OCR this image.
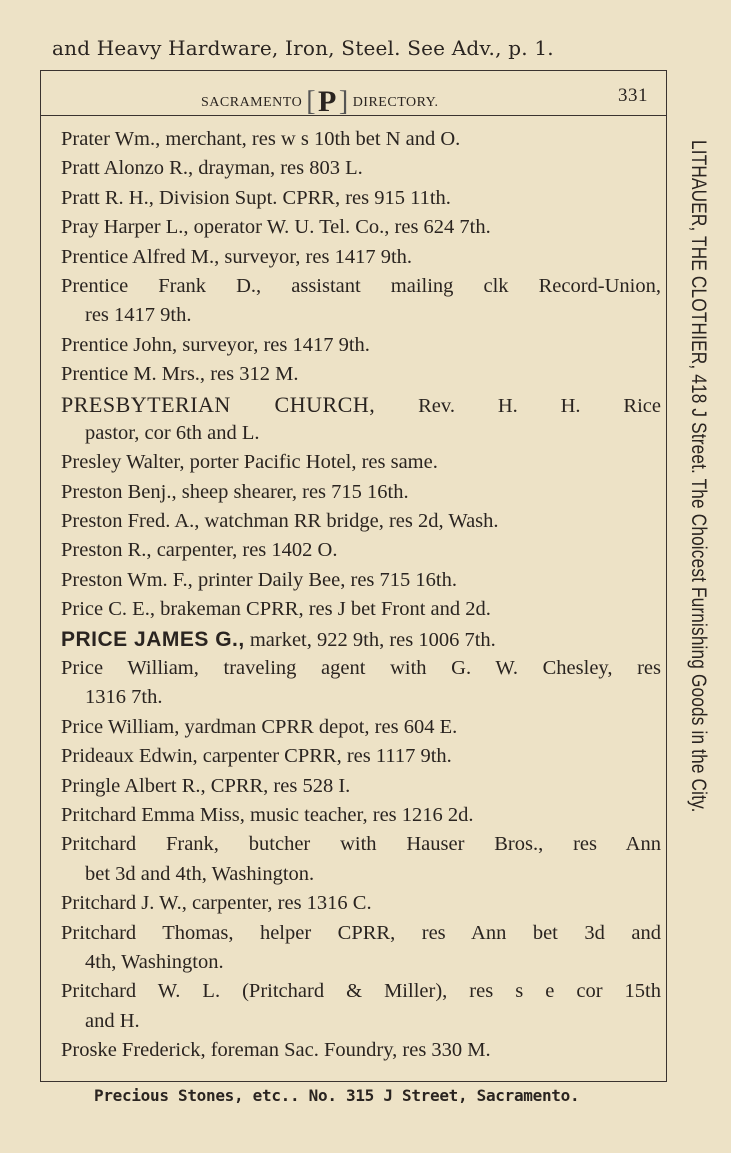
and Heavy Hardware, Iron, Steel. See Adv., p. 1.
SACRAMENTO [P] DIRECTORY.	331
Prater Wm., merchant, res w s 10th bet N and O.
Pratt Alonzo R., drayman, res 803 L.
Pratt R. H., Division Supt. CPRR, res 915 11th.
Pray Harper L., operator W. U. Tel. Co., res 624 7th.
Prentice Alfred M., surveyor, res 1417 9th.
Prentice Frank D., assistant mailing clk Record-Union,
res 1417 9th.
Prentice John, surveyor, res 1417 9th.
Prentice M. Mrs., res 312 M.
PRESBYTERIAN CHURCH, Rev. H. H. Rice
pastor, cor 6th and L.
Presley Walter, porter Pacific Hotel, res same.
Preston Benj., sheep shearer, res 715 16th.
Preston Fred. A., watchman RR bridge, res 2d, Wash.
Preston R., carpenter, res 1402 O.
Preston Wm. F., printer Daily Bee, res 715 16th.
Price C. E., brakeman CPRR, res J bet Front and 2d.
PRICE JAMES G., market, 922 9th, res 1006 7th.
Price William, traveling agent with G. W. Chesley, res
1316 7th.
Price William, yardman CPRR depot, res 604 E.
Prideaux Edwin, carpenter CPRR, res 1117 9th.
Pringle Albert R., CPRR, res 528 I.
Pritchard Emma Miss, music teacher, res 1216 2d.
Pritchard Frank, butcher with Hauser Bros., res Ann
bet 3d and 4th, Washington.
Pritchard J. W., carpenter, res 1316 C.
Pritchard Thomas, helper CPRR, res Ann bet 3d and
4th, Washington.
Pritchard W. L. (Pritchard & Miller), res s e cor 15th
and H.
Proske Frederick, foreman Sac. Foundry, res 330 M.
LITHAUER, THE CLOTHIER, 418 J Street. The Choicest Furnishing Goods in the City.
Precious Stones, etc.. No. 315 J Street, Sacramento.
